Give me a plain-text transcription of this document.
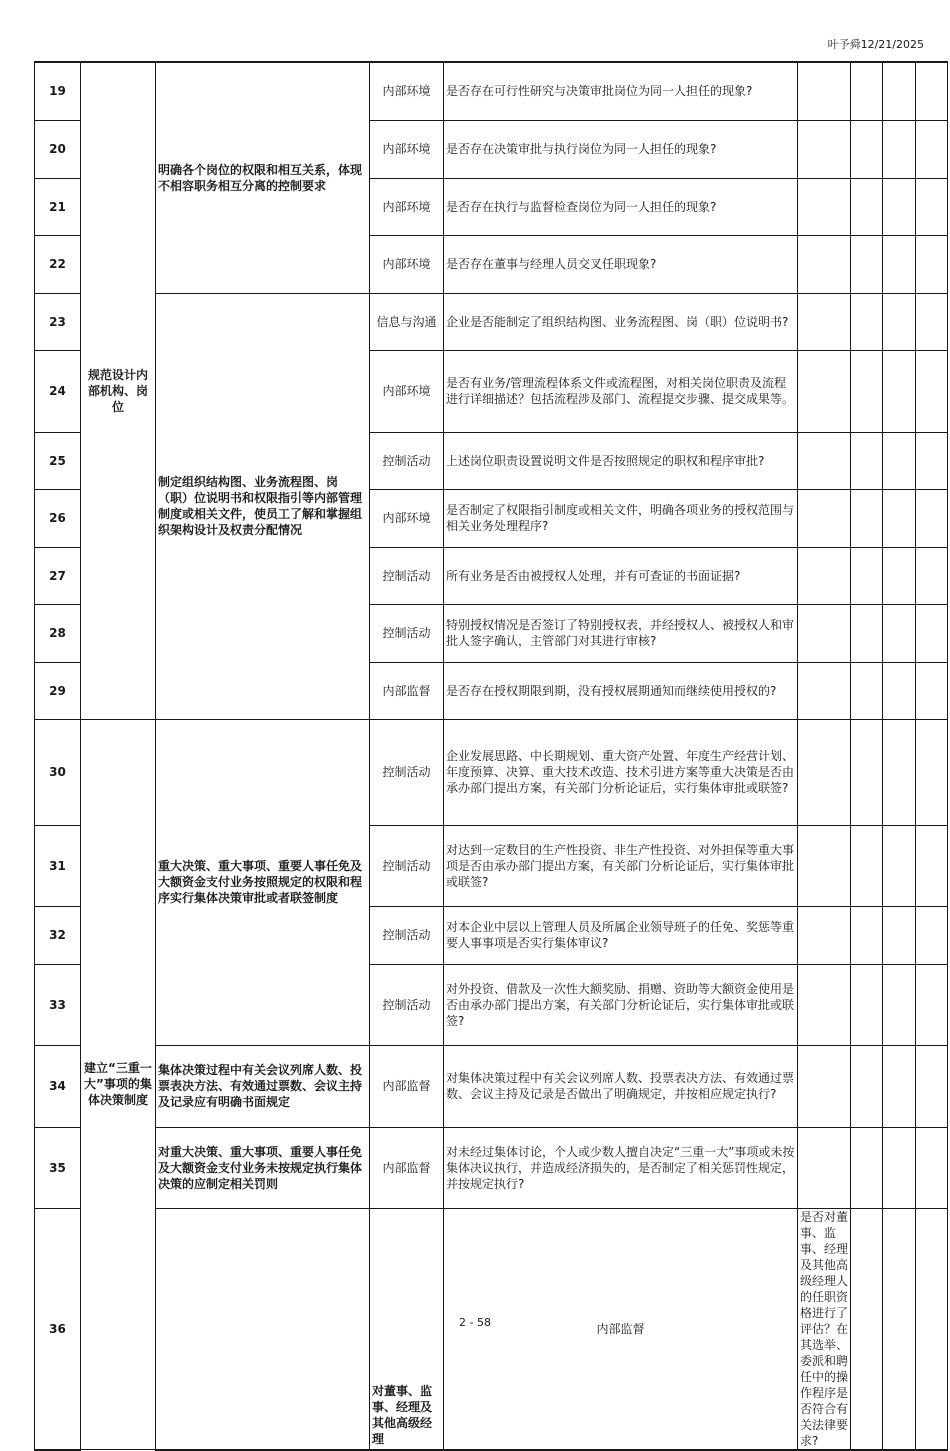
叶予舜12/21/2025
19	规范设计内部机构、岗位	明确各个岗位的权限和相互关系，体现不相容职务相互分离的控制要求	内部环境	是否存在可行性研究与决策审批岗位为同一人担任的现象?					
20			内部环境	是否存在决策审批与执行岗位为同一人担任的现象?					
21			内部环境	是否存在执行与监督检查岗位为同一人担任的现象?					
22			内部环境	是否存在董事与经理人员交叉任职现象?					
23		制定组织结构图、业务流程图、岗（职）位说明书和权限指引等内部管理制度或相关文件，使员工了解和掌握组织架构设计及权责分配情况	信息与沟通	企业是否能制定了组织结构图、业务流程图、岗（职）位说明书?					
24			内部环境	是否有业务/管理流程体系文件或流程图，对相关岗位职责及流程进行详细描述？包括流程涉及部门、流程提交步骤、提交成果等。					
25			控制活动	上述岗位职责设置说明文件是否按照规定的职权和程序审批?					
26			内部环境	是否制定了权限指引制度或相关文件，明确各项业务的授权范围与相关业务处理程序?					
27			控制活动	所有业务是否由被授权人处理，并有可查证的书面证据?					
28			控制活动	特别授权情况是否签订了特别授权表，并经授权人、被授权人和审批人签字确认，主管部门对其进行审核?					
29			内部监督	是否存在授权期限到期，没有授权展期通知而继续使用授权的?					
30	建立“三重一大”事项的集体决策制度	重大决策、重大事项、重要人事任免及大额资金支付业务按照规定的权限和程序实行集体决策审批或者联签制度	控制活动	企业发展思路、中长期规划、重大资产处置、年度生产经营计划、年度预算、决算、重大技术改造、技术引进方案等重大决策是否由承办部门提出方案，有关部门分析论证后，实行集体审批或联签?					
31			控制活动	对达到一定数目的生产性投资、非生产性投资、对外担保等重大事项是否由承办部门提出方案，有关部门分析论证后，实行集体审批或联签?					
32			控制活动	对本企业中层以上管理人员及所属企业领导班子的任免、奖惩等重要人事事项是否实行集体审议?					
33			控制活动	对外投资、借款及一次性大额奖励、捐赠、资助等大额资金使用是否由承办部门提出方案，有关部门分析论证后，实行集体审批或联签?					
34		集体决策过程中有关会议列席人数、投票表决方法、有效通过票数、会议主持及记录应有明确书面规定	内部监督	对集体决策过程中有关会议列席人数、投票表决方法、有效通过票数、会议主持及记录是否做出了明确规定，并按相应规定执行?					
35		对重大决策、重大事项、重要人事任免及大额资金支付业务未按规定执行集体决策的应制定相关罚则	内部监督	对未经过集体讨论，个人或少数人擅自决定“三重一大”事项或未按集体决议执行，并造成经济损失的，是否制定了相关惩罚性规定，并按规定执行?					
36			对董事、监事、经理及其他高级经理	内部监督	是否对董事、监事、经理及其他高级经理人的任职资格进行了评估？在其选举、委派和聘任中的操作程序是否符合有关法律要求?				
2 - 58
